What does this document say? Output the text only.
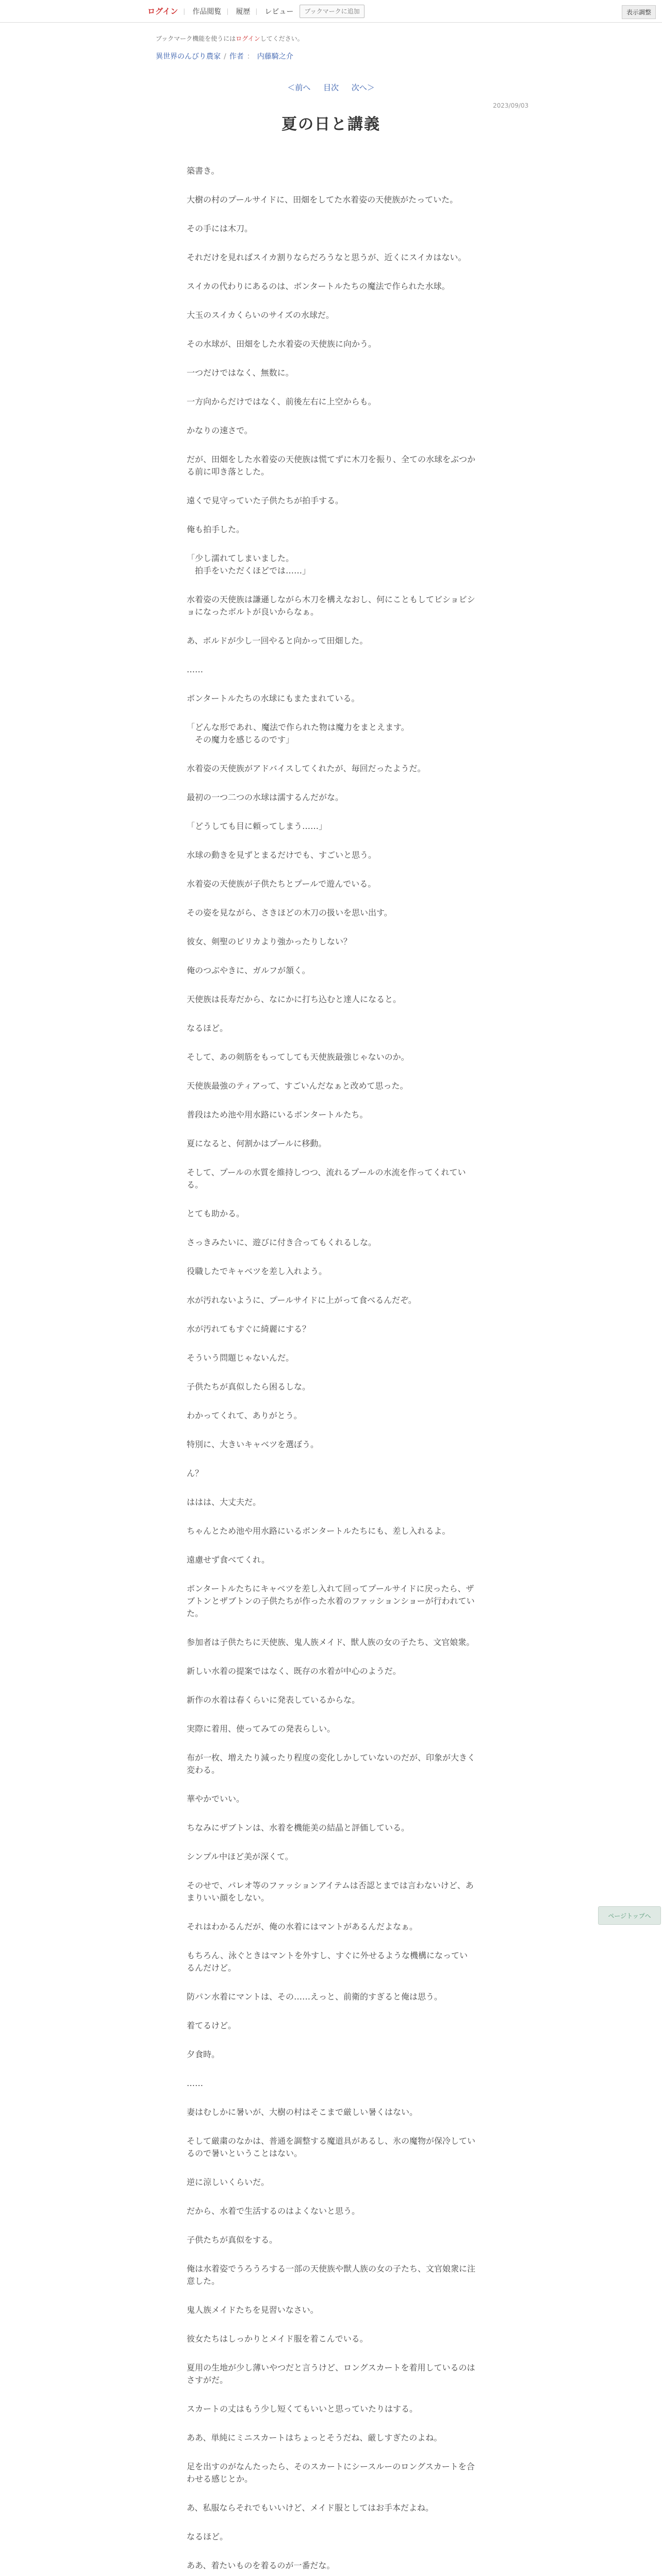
ログイン | 作品閲覧 | 履歴 | レビュー	ブックマークに追加	表示調整
ブックマーク機能を使うにはログインしてください。
異世界のんびり農家 / 作者 ： 内藤騎之介
＜前へ 目次 次へ＞
2023/09/03
夏の日と講義

築書き。

大樹の村のプールサイドに、田畑をしてた水着姿の天使族がたっていた。

その手には木刀。

それだけを見ればスイカ割りならだろうなと思うが、近くにスイカはない。

スイカの代わりにあるのは、ボンタートルたちの魔法で作られた水球。

大玉のスイカくらいのサイズの水球だ。

その水球が、田畑をした水着姿の天使族に向かう。

一つだけではなく、無数に。

一方向からだけではなく、前後左右に上空からも。

かなりの速さで。

だが、田畑をした水着姿の天使族は慌てずに木刀を振り、全ての水球をぶつかる前に叩き落とした。

遠くで見守っていた子供たちが拍手する。

俺も拍手した。

「少し濡れてしまいました。
　拍手をいただくほどでは……」

水着姿の天使族は謙遜しながら木刀を構えなおし、何にこともしてビショビショになったボルトが良いからなぁ。

あ、ボルドが少し一回やると向かって田畑した。

……

ボンタートルたちの水球にもまたまれている。

「どんな形であれ、魔法で作られた物は魔力をまとえます。
　その魔力を感じるのです」

水着姿の天使族がアドバイスしてくれたが、毎回だったようだ。

最初の一つ二つの水球は濡するんだがな。

「どうしても目に頼ってしまう……」

水球の動きを見ずとまるだけでも、すごいと思う。

水着姿の天使族が子供たちとプールで遊んでいる。

その姿を見ながら、さきほどの木刀の扱いを思い出す。

彼女、剣聖のビリカより強かったりしない？

俺のつぶやきに、ガルフが頷く。

天使族は長寿だから、なにかに打ち込むと達人になると。

なるほど。

そして、あの剣筋をもってしても天使族最強じゃないのか。

天使族最強のティアって、すごいんだなぁと改めて思った。

普段はため池や用水路にいるボンタートルたち。

夏になると、何割かはプールに移動。

そして、プールの水質を維持しつつ、流れるプールの水流を作ってくれている。

とても助かる。

さっきみたいに、遊びに付き合ってもくれるしな。

役職したでキャベツを差し入れよう。

水が汚れないように、プールサイドに上がって食べるんだぞ。

水が汚れてもすぐに綺麗にする？

そういう問題じゃないんだ。

子供たちが真似したら困るしな。

わかってくれて、ありがとう。

特別に、大きいキャベツを選ぼう。

ん？

ははは、大丈夫だ。

ちゃんとため池や用水路にいるボンタートルたちにも、差し入れるよ。

遠慮せず食べてくれ。

ボンタートルたちにキャベツを差し入れて回ってプールサイドに戻ったら、ザブトンとザブトンの子供たちが作った水着のファッションショーが行われていた。

参加者は子供たちに天使族、鬼人族メイド、獣人族の女の子たち、文官娘衆。

新しい水着の提案ではなく、既存の水着が中心のようだ。

新作の水着は春くらいに発表しているからな。

実際に着用、使ってみての発表らしい。

布が一枚、増えたり減ったり程度の変化しかしていないのだが、印象が大きく変わる。

華やかでいい。

ちなみにザブトンは、水着を機能美の結晶と評価している。

シンプル中ほど美が深くて。

そのせで、パレオ等のファッションアイテムは否認とまでは言わないけど、あまりいい顔をしない。

それはわかるんだが、俺の水着にはマントがあるんだよなぁ。

もちろん、泳ぐときはマントを外すし、すぐに外せるような機構になっているんだけど。

防パン水着にマントは、その……えっと、前衛的すぎると俺は思う。

着てるけど。

夕食時。

……

妻はむしかに暑いが、大樹の村はそこまで厳しい暑くはない。

そして厳粛のなかは、普通を調整する魔道具があるし、氷の魔物が保冷しているので暑いということはない。

逆に涼しいくらいだ。

だから、水着で生活するのはよくないと思う。

子供たちが真似をする。

俺は水着姿でうろうろする一部の天使族や獣人族の女の子たち、文官娘衆に注意した。

鬼人族メイドたちを見習いなさい。

彼女たちはしっかりとメイド服を着こんでいる。

夏用の生地が少し薄いやつだと言うけど、ロングスカートを着用しているのはさすがだ。

スカートの丈はもう少し短くてもいいと思っていたりはする。

ああ、単純にミニスカートはちょっとそうだね、厳しすぎたのよね。

足を出すのがなんたったら、そのスカートにシースルーのロングスカートを合わせる感じとか。

あ、私服ならそれでもいいけど、メイド服としてはお手本だよね。

なるほど。

ああ、着たいものを着るのが一番だな。

ページトップへ
